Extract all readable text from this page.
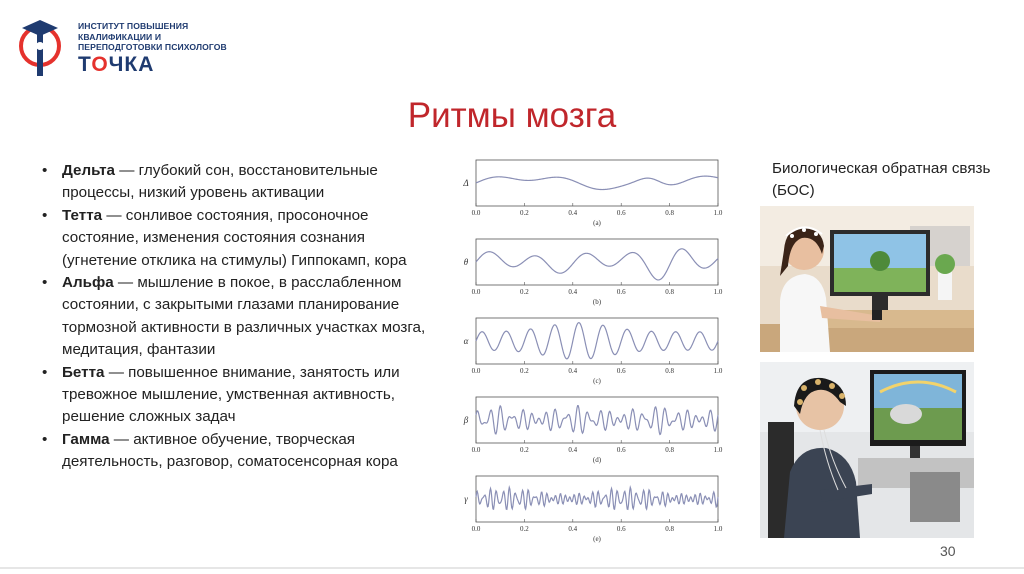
ИНСТИТУТ ПОВЫШЕНИЯ
КВАЛИФИКАЦИИ И
ПЕРЕПОДГОТОВКИ ПСИХОЛОГОВ
ТОЧКА
Ритмы мозга
• Дельта — глубокий сон, восстановительные процессы, низкий уровень активации
• Тетта — сонливое состояния, просоночное состояние, изменения состояния сознания (угнетение отклика на стимулы) Гиппокамп, кора
• Альфа — мышление в покое, в расслабленном состоянии, с закрытыми глазами планирование тормозной активности в различных участках мозга, медитация, фантазии
• Бетта — повышенное внимание, занятость или тревожное мышление, умственная активность, решение сложных задач
• Гамма — активное обучение, творческая деятельность, разговор, соматосенсорная кора
Δ
0.0	0.2	0.4	0.6	0.8	1.0
(a)
θ
0.0	0.2	0.4	0.6	0.8	1.0
(b)
α
0.0	0.2	0.4	0.6	0.8	1.0
(c)
β
0.0	0.2	0.4	0.6	0.8	1.0
(d)
γ
0.0	0.2	0.4	0.6	0.8	1.0
(e)
Биологическая обратная связь (БОС)
30
